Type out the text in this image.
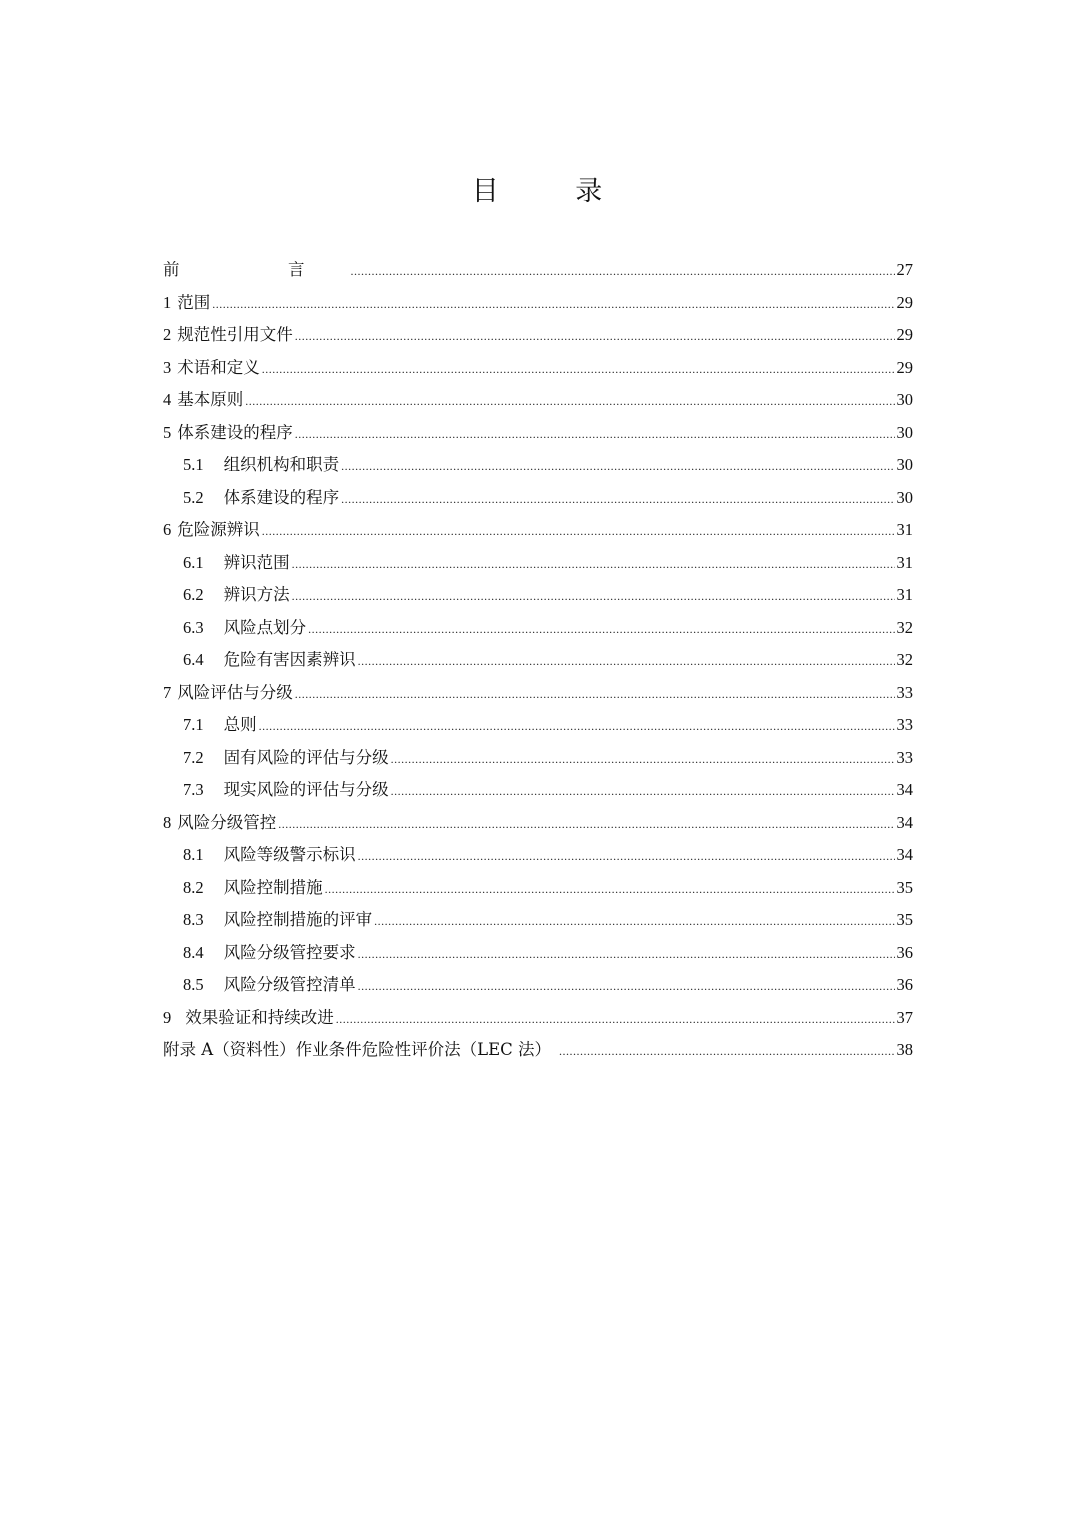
目 录
前　言 .....	27
1 范围 .....	29
2 规范性引用文件 .....	29
3 术语和定义 .....	29
4 基本原则 .....	30
5 体系建设的程序 .....	30
5.1 组织机构和职责 .....	30
5.2 体系建设的程序 .....	30
6 危险源辨识 .....	31
6.1 辨识范围 .....	31
6.2 辨识方法 .....	31
6.3 风险点划分 .....	32
6.4 危险有害因素辨识 .....	32
7 风险评估与分级 .....	33
7.1 总则 .....	33
7.2 固有风险的评估与分级 .....	33
7.3 现实风险的评估与分级 .....	34
8 风险分级管控 .....	34
8.1 风险等级警示标识 .....	34
8.2 风险控制措施 .....	35
8.3 风险控制措施的评审 .....	35
8.4 风险分级管控要求 .....	36
8.5 风险分级管控清单 .....	36
9 效果验证和持续改进 .....	37
附录 A（资料性）作业条件危险性评价法（LEC 法） .....	38
